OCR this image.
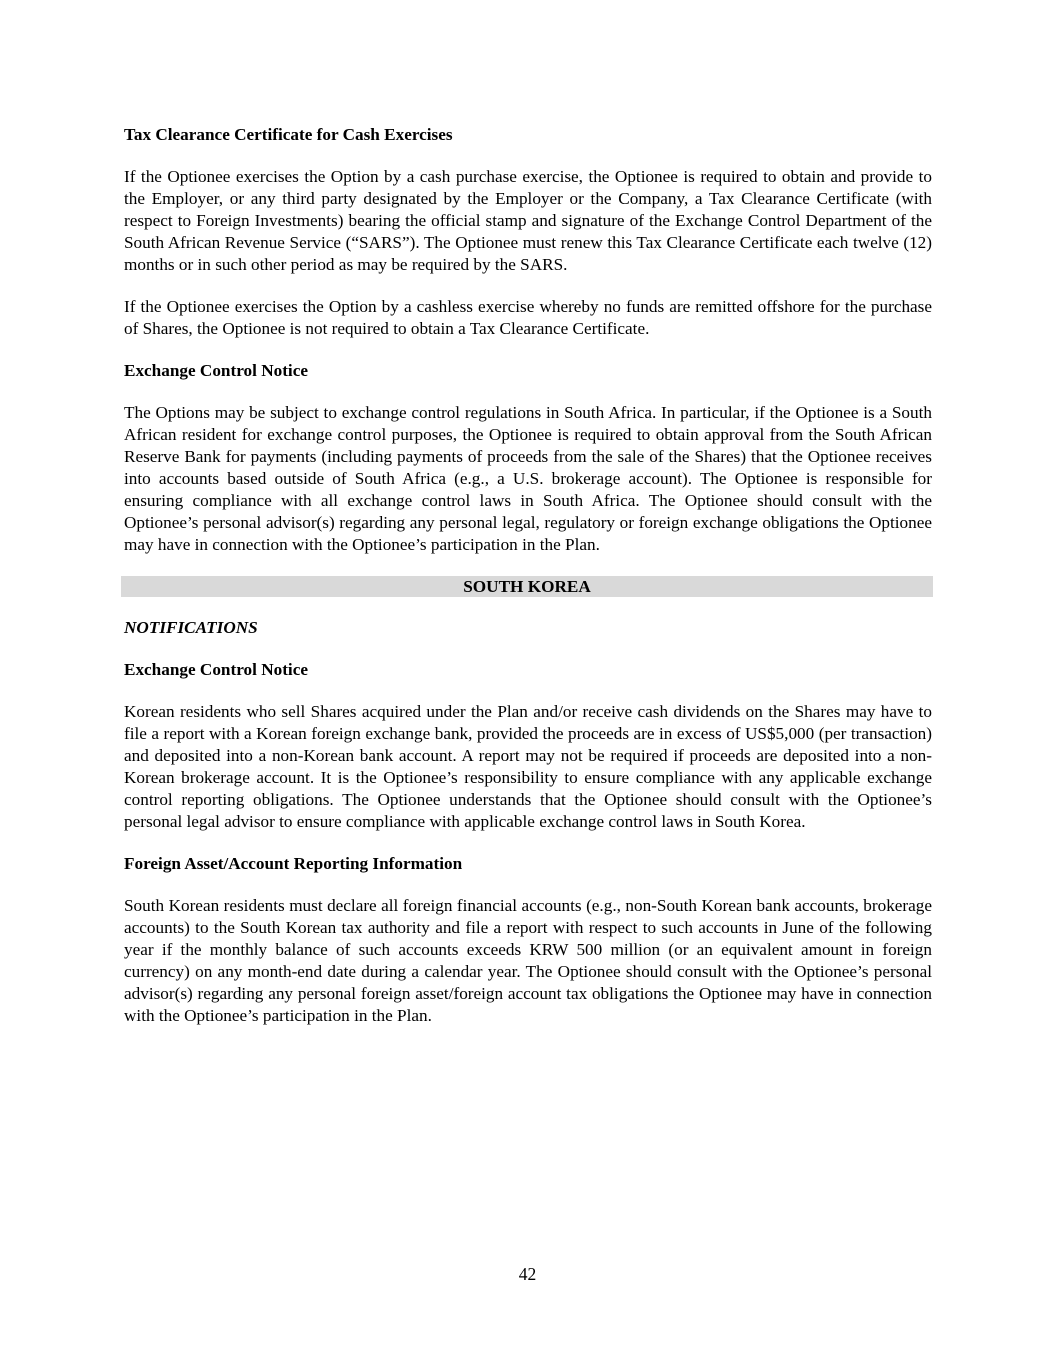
Tax Clearance Certificate for Cash Exercises
If the Optionee exercises the Option by a cash purchase exercise, the Optionee is required to obtain and provide to the Employer, or any third party designated by the Employer or the Company, a Tax Clearance Certificate (with respect to Foreign Investments) bearing the official stamp and signature of the Exchange Control Department of the South African Revenue Service (“SARS”). The Optionee must renew this Tax Clearance Certificate each twelve (12) months or in such other period as may be required by the SARS.
If the Optionee exercises the Option by a cashless exercise whereby no funds are remitted offshore for the purchase of Shares, the Optionee is not required to obtain a Tax Clearance Certificate.
Exchange Control Notice
The Options may be subject to exchange control regulations in South Africa. In particular, if the Optionee is a South African resident for exchange control purposes, the Optionee is required to obtain approval from the South African Reserve Bank for payments (including payments of proceeds from the sale of the Shares) that the Optionee receives into accounts based outside of South Africa (e.g., a U.S. brokerage account). The Optionee is responsible for ensuring compliance with all exchange control laws in South Africa. The Optionee should consult with the Optionee’s personal advisor(s) regarding any personal legal, regulatory or foreign exchange obligations the Optionee may have in connection with the Optionee’s participation in the Plan.
SOUTH KOREA
NOTIFICATIONS
Exchange Control Notice
Korean residents who sell Shares acquired under the Plan and/or receive cash dividends on the Shares may have to file a report with a Korean foreign exchange bank, provided the proceeds are in excess of US$5,000 (per transaction) and deposited into a non-Korean bank account. A report may not be required if proceeds are deposited into a non-Korean brokerage account. It is the Optionee’s responsibility to ensure compliance with any applicable exchange control reporting obligations. The Optionee understands that the Optionee should consult with the Optionee’s personal legal advisor to ensure compliance with applicable exchange control laws in South Korea.
Foreign Asset/Account Reporting Information
South Korean residents must declare all foreign financial accounts (e.g., non-South Korean bank accounts, brokerage accounts) to the South Korean tax authority and file a report with respect to such accounts in June of the following year if the monthly balance of such accounts exceeds KRW 500 million (or an equivalent amount in foreign currency) on any month-end date during a calendar year. The Optionee should consult with the Optionee’s personal advisor(s) regarding any personal foreign asset/foreign account tax obligations the Optionee may have in connection with the Optionee’s participation in the Plan.
42
